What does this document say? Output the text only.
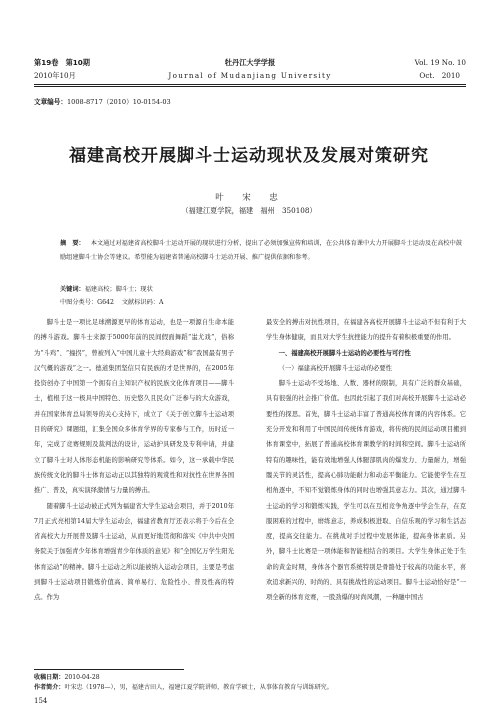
第19卷　第10期	牡丹江大学学报	Vol. 19 No. 10
2010年10月	Journal of Mudanjiang University	Oct.　2010
文章编号：1008-8717（2010）10-0154-03
福建高校开展脚斗士运动现状及发展对策研究
叶　宋　忠
（福建江夏学院，福建　福州　350108）
摘　要： 本文通过对福建省高校脚斗士运动开展的现状进行分析，提出了必须加强宣传和培训，在公共体育课中大力开展脚斗士运动及在高校中鼓励组建脚斗士协会等建议。希望能为福建省普通高校脚斗士运动开展、推广提供依据和参考。
关键词：福建高校；脚斗士；现状
中图分类号：G642 文献标识码：A

脚斗士是一项比足球溯源更早的体育运动，也是一项源自生命本能的搏斗游戏。脚斗士来源于5000年前的民间假面舞蹈“蚩尤戏”，俗称为“斗鸡”、“撞拐”，曾被列入“中国儿童十大经典游戏”和“我国最有男子汉气概的游戏”之一。德道集团坚信只有民族的才是世界的，在2005年投资创办了中国第一个拥有自主知识产权的民族文化体育项目——脚斗士，植根于这一极具中国特色、历史悠久且民众广泛参与的大众游戏，并在国家体育总局领导的关心支持下，成立了《关于创立脚斗士运动项目的研究》课题组，汇集全国众多体育学界的专家参与工作，历时近一年，完成了竞赛规则及裁判法的设计，运动护具研发及专利申请，并建立了脚斗士对人体形态机能的影响研究等体系。如今，这一承载中华民族传统文化的脚斗士体育运动正以其独特的观赏性和对抗性在世界各国推广、普及，真实演绎激情与力量的搏击。

随着脚斗士运动被正式列为福建省大学生运动会项目，并于2010年7月正式亮相第14届大学生运动会，福建省教育厅还表示将于今后在全省高校大力开展普及脚斗士运动，从而更好地贯彻和落实《中共中央国务院关于加强青少年体育增强青少年体质的意见》和“全国亿万学生阳光体育运动”的精神。脚斗士运动之所以能被纳入运动会项目，主要是考虑到脚斗士运动项目锻炼价值高、简单易行、危险性小、普及性高的特点。作为

最安全的搏击对抗性项目，在福建各高校开展脚斗士运动不但有利于大学生身体健康，而且对大学生抗挫能力的提升有着积极重要的作用。

一、福建高校开展脚斗士运动的必要性与可行性
（一）福建高校开展脚斗士运动的必要性

脚斗士运动不受场地、人数、器材的限制，具有广泛的群众基础，具有很强的社会推广价值。也因此引起了我们对高校开展脚斗士运动必要性的探思。首先，脚斗士运动丰富了普通高校体育课的内容体系。它充分开发和利用了中国民间传统体育游戏，将传统的民间运动项目搬到体育课堂中，拓展了普通高校体育课教学的时间和空间。脚斗士运动所特有的趣味性，能有效地增强人体腿部肌肉的爆发力、力量耐力，增强髋关节的灵活性，提高心肺功能耐力和动态平衡能力。它能使学生在互相角逐中，不知不觉锻炼身体的同时也增强其意志力。其次，通过脚斗士运动的学习和锻炼实践，学生可以在互相竞争角逐中学会生存，在克服困难的过程中，磨练意志，养成积极进取、自信乐观的学习和生活态度，提高交往能力。在挑战对手过程中发展体能，提高身体素质。另外，脚斗士比赛是一项体能和智能相结合的项目。大学生身体正处于生命的黄金时期，身体各个器官系统特别是骨骼处于较高的功能水平，喜欢追求新兴的、时尚的、具有挑战性的运动项目。脚斗士运动恰好是“一项全新的体育竞赛，一股劲爆的时尚风潮，一种融中国古

收稿日期：2010-04-28
作者简介：叶宋忠（1978—），男，福建古田人，福建江夏学院讲师，教育学硕士，从事体育教育与训练研究。
154
